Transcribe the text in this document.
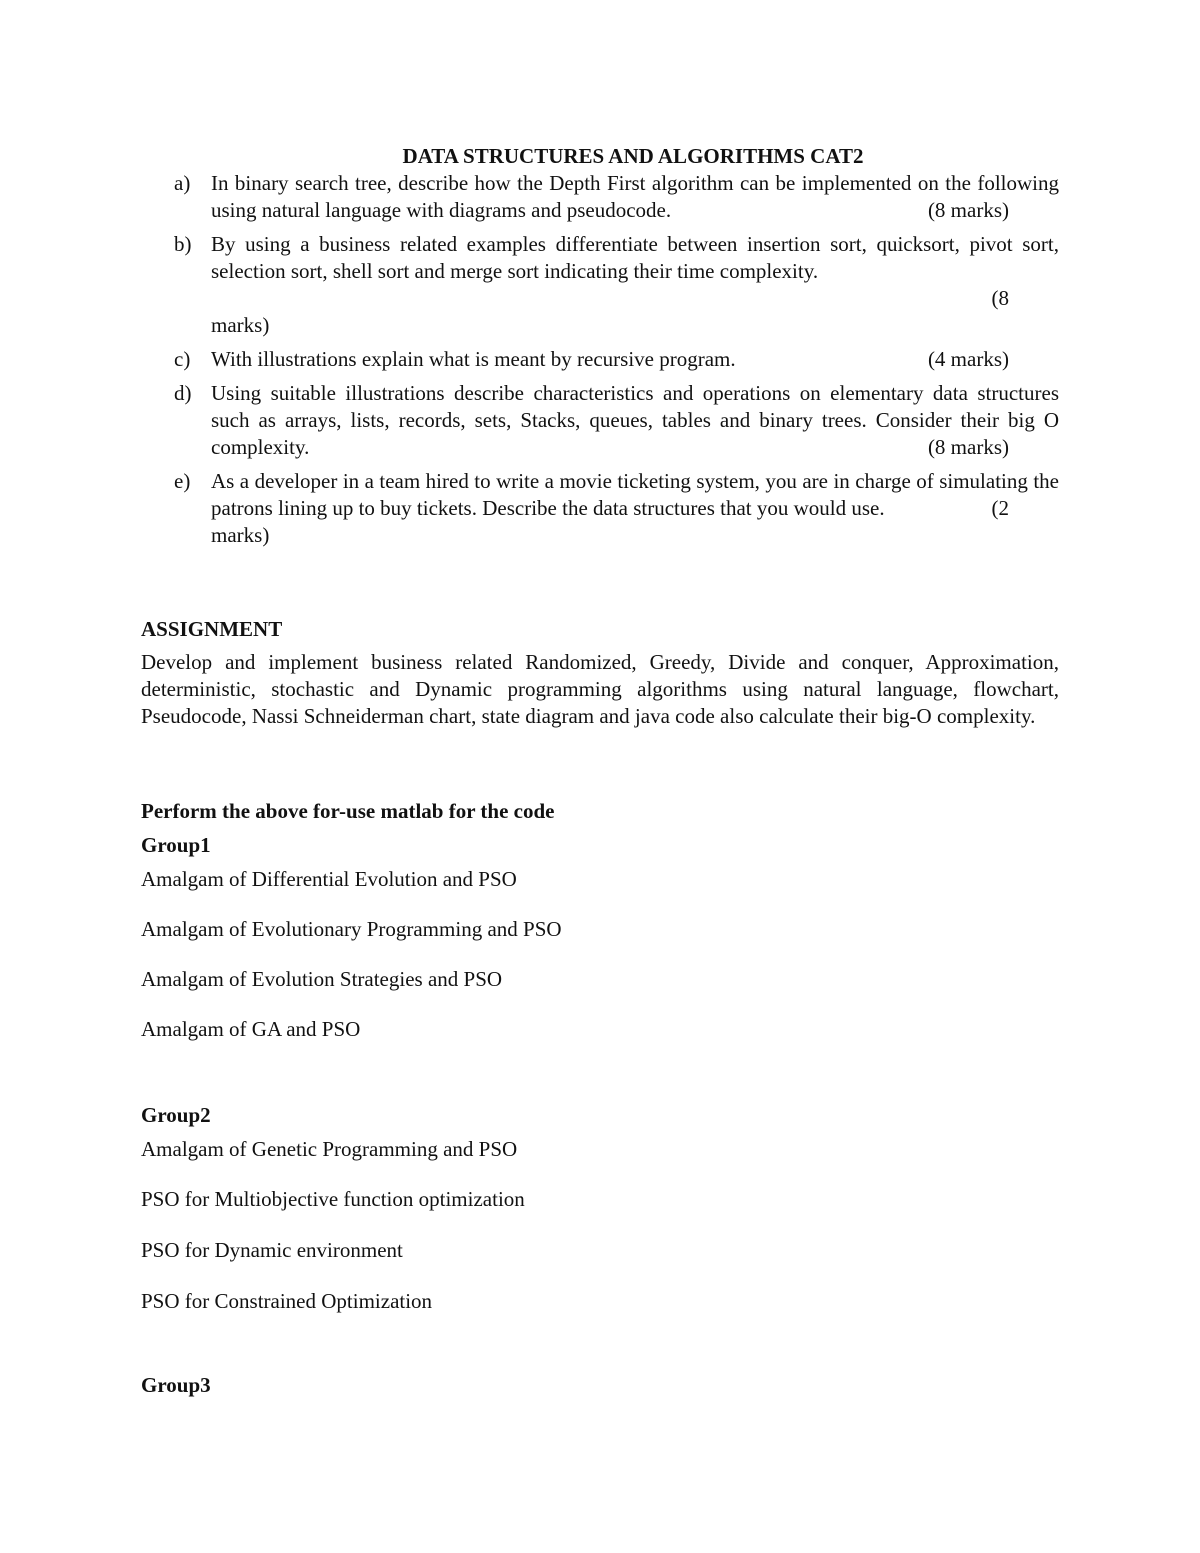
DATA STRUCTURES AND ALGORITHMS CAT2
a) In binary search tree, describe how the Depth First algorithm can be implemented on the following using natural language with diagrams and pseudocode.	(8 marks)
b) By using a business related examples differentiate between insertion sort, quicksort, pivot sort, selection sort, shell sort and merge sort indicating their time complexity.
(8
marks)
c) With illustrations explain what is meant by recursive program.	(4 marks)
d) Using suitable illustrations describe characteristics and operations on elementary data structures such as arrays, lists, records, sets, Stacks, queues, tables and binary trees. Consider their big O complexity.	(8 marks)
e) As a developer in a team hired to write a movie ticketing system, you are in charge of simulating the patrons lining up to buy tickets. Describe the data structures that you would use.	(2
marks)
ASSIGNMENT

Develop and implement business related Randomized, Greedy, Divide and conquer, Approximation, deterministic, stochastic and Dynamic programming algorithms using natural language, flowchart, Pseudocode, Nassi Schneiderman chart, state diagram and java code also calculate their big-O complexity.

Perform the above for-use matlab for the code

Group1

Amalgam of Differential Evolution and PSO

Amalgam of Evolutionary Programming and PSO

Amalgam of Evolution Strategies and PSO

Amalgam of GA and PSO

Group2

Amalgam of Genetic Programming and PSO

PSO for Multiobjective function optimization

PSO for Dynamic environment

PSO for Constrained Optimization

Group3
